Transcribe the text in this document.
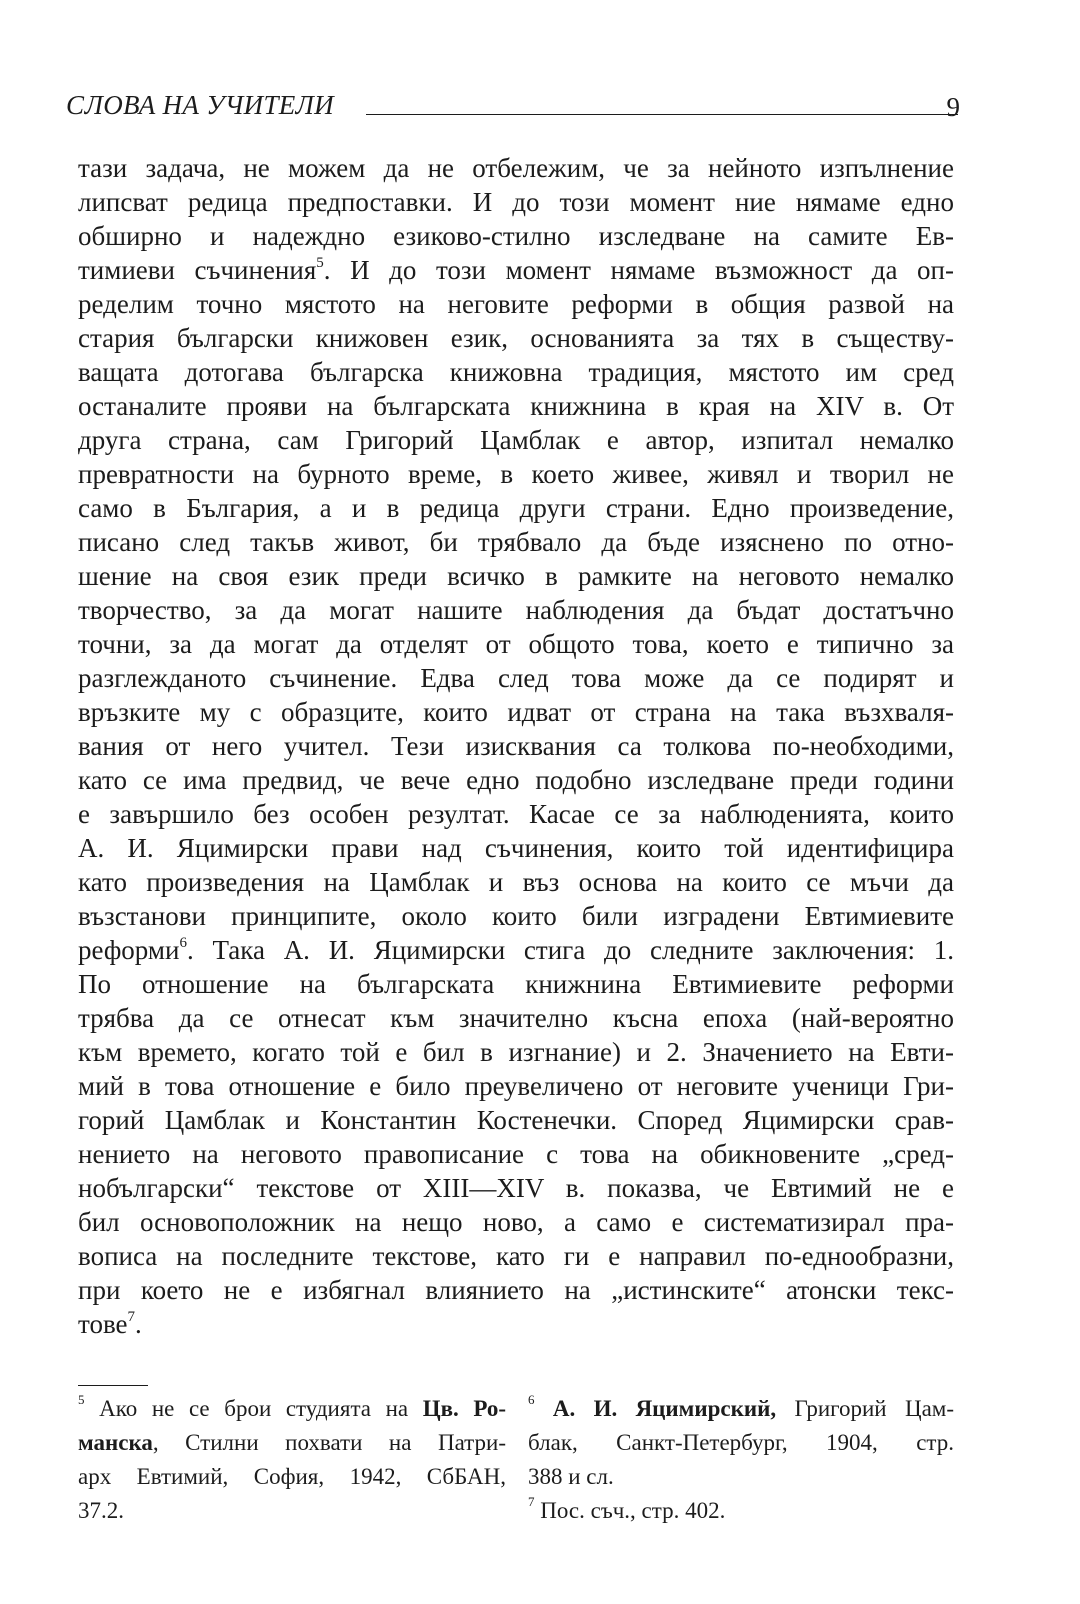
СЛОВА НА УЧИТЕЛИ	9
тази задача, не можем да не отбележим, че за нейното изпълнение
липсват редица предпоставки. И до този момент ние нямаме едно
обширно и надеждно езиково-стилно изследване на самите Ев-
тимиеви съчинения$^5$. И до този момент нямаме възможност да оп-
ределим точно мястото на неговите реформи в общия развой на
стария български книжовен език, основанията за тях в съществу-
ващата дотогава българска книжовна традиция, мястото им сред
останалите прояви на българската книжнина в края на XIV в. От
друга страна, сам Григорий Цамблак е автор, изпитал немалко
превратности на бурното време, в което живее, живял и творил не
само в България, а и в редица други страни. Едно произведение,
писано след такъв живот, би трябвало да бъде изяснено по отно-
шение на своя език преди всичко в рамките на неговото немалко
творчество, за да могат нашите наблюдения да бъдат достатъчно
точни, за да могат да отделят от общото това, което е типично за
разглежданото съчинение. Едва след това може да се подирят и
връзките му с образците, които идват от страна на така възхваля-
вания от него учител. Тези изисквания са толкова по-необходими,
като се има предвид, че вече едно подобно изследване преди години
е завършило без особен резултат. Касае се за наблюденията, които
А. И. Яцимирски прави над съчинения, които той идентифицира
като произведения на Цамблак и въз основа на които се мъчи да
възстанови принципите, около които били изградени Евтимиевите
реформи$^6$. Така А. И. Яцимирски стига до следните заключения: 1.
По отношение на българската книжнина Евтимиевите реформи
трябва да се отнесат към значително късна епоха (най-вероятно
към времето, когато той е бил в изгнание) и 2. Значението на Евти-
мий в това отношение е било преувеличено от неговите ученици Гри-
горий Цамблак и Константин Костенечки. Според Яцимирски срав-
нението на неговото правописание с това на обикновените „сред-
нобългарски“ текстове от XIII—XIV в. показва, че Евтимий не е
бил основоположник на нещо ново, а само е систематизирал пра-
вописа на последните текстове, като ги е направил по-еднообразни,
при което не е избягнал влиянието на „истинските“ атонски текс-
тове$^7$.
$^5$ Ако не се брои студията на Цв. Ро-
манска, Стилни похвати на Патри-
арх Евтимий, София, 1942, СбБАН,
37.2.
$^6$ А. И. Яцимирский, Григорий Цам-
блак, Санкт-Петербург, 1904, стр.
388 и сл.
$^7$ Пос. съч., стр. 402.
